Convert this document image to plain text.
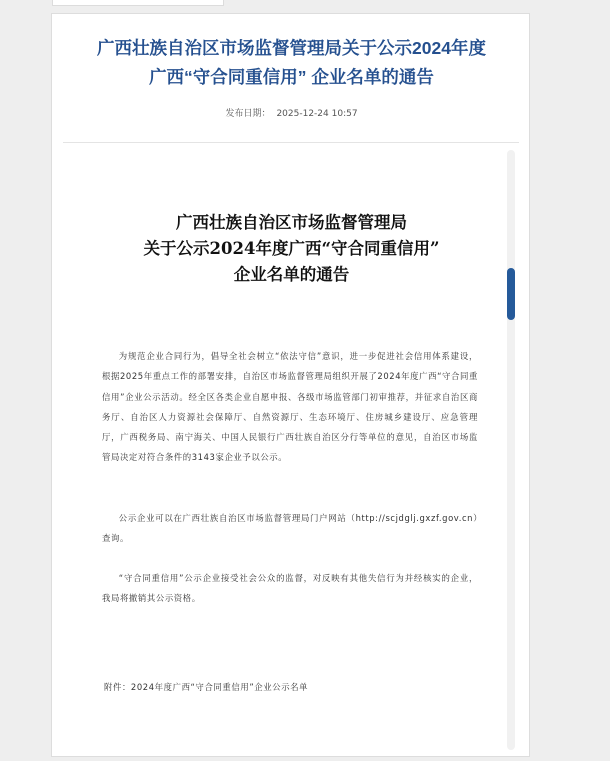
广西壮族自治区市场监督管理局关于公示2024年度
广西“守合同重信用” 企业名单的通告
发布日期： 2025-12-24 10:57
广西壮族自治区市场监督管理局
关于公示2024年度广西“守合同重信用”
企业名单的通告

为规范企业合同行为，倡导全社会树立“依法守信”意识，进一步促进社会信用体系建设，根据2025年重点工作的部署安排，自治区市场监督管理局组织开展了2024年度广西“守合同重信用”企业公示活动。经全区各类企业自愿申报、各级市场监管部门初审推荐，并征求自治区商务厅、自治区人力资源社会保障厅、自然资源厅、生态环境厅、住房城乡建设厅、应急管理厅，广西税务局、南宁海关、中国人民银行广西壮族自治区分行等单位的意见，自治区市场监管局决定对符合条件的3143家企业予以公示。

公示企业可以在广西壮族自治区市场监督管理局门户网站（http://scjdglj.gxzf.gov.cn）查询。

“守合同重信用”公示企业接受社会公众的监督，对反映有其他失信行为并经核实的企业，我局将撤销其公示资格。

附件：2024年度广西“守合同重信用”企业公示名单
